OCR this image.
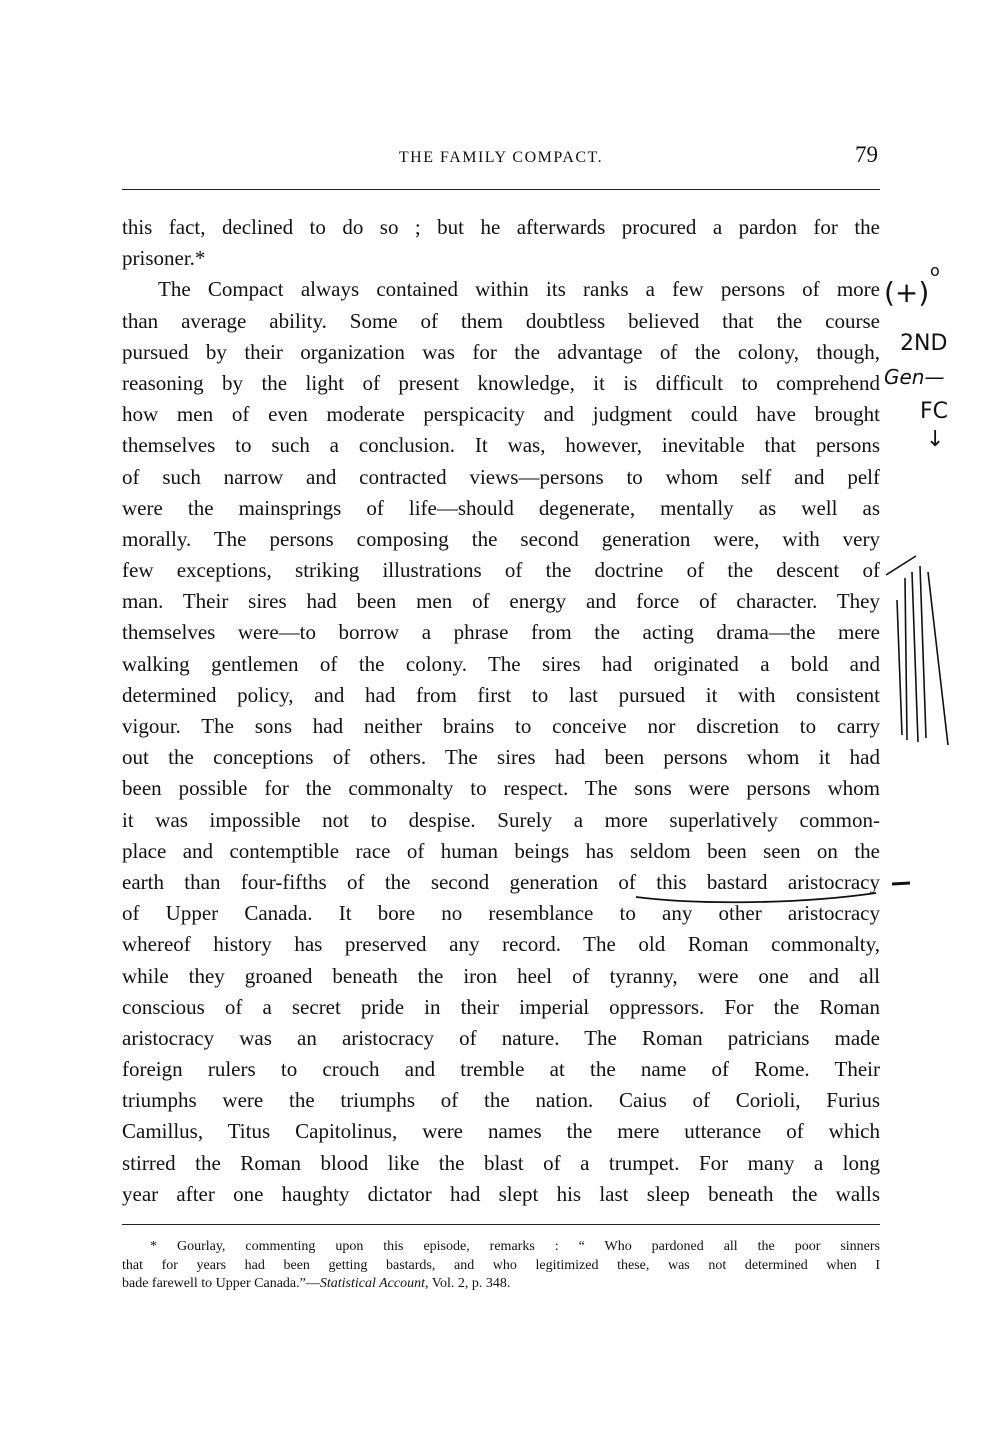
THE FAMILY COMPACT.	79
this fact, declined to do so ; but he afterwards procured a pardon for the
prisoner.*
The Compact always contained within its ranks a few persons of more
than average ability. Some of them doubtless believed that the course
pursued by their organization was for the advantage of the colony, though,
reasoning by the light of present knowledge, it is difficult to comprehend
how men of even moderate perspicacity and judgment could have brought
themselves to such a conclusion. It was, however, inevitable that persons
of such narrow and contracted views—persons to whom self and pelf
were the mainsprings of life—should degenerate, mentally as well as
morally. The persons composing the second generation were, with very
few exceptions, striking illustrations of the doctrine of the descent of
man. Their sires had been men of energy and force of character. They
themselves were—to borrow a phrase from the acting drama—the mere
walking gentlemen of the colony. The sires had originated a bold and
determined policy, and had from first to last pursued it with consistent
vigour. The sons had neither brains to conceive nor discretion to carry
out the conceptions of others. The sires had been persons whom it had
been possible for the commonalty to respect. The sons were persons whom
it was impossible not to despise. Surely a more superlatively common-
place and contemptible race of human beings has seldom been seen on the
earth than four-fifths of the second generation of this bastard aristocracy
of Upper Canada. It bore no resemblance to any other aristocracy
whereof history has preserved any record. The old Roman commonalty,
while they groaned beneath the iron heel of tyranny, were one and all
conscious of a secret pride in their imperial oppressors. For the Roman
aristocracy was an aristocracy of nature. The Roman patricians made
foreign rulers to crouch and tremble at the name of Rome. Their
triumphs were the triumphs of the nation. Caius of Corioli, Furius
Camillus, Titus Capitolinus, were names the mere utterance of which
stirred the Roman blood like the blast of a trumpet. For many a long
year after one haughty dictator had slept his last sleep beneath the walls
* Gourlay, commenting upon this episode, remarks : “ Who pardoned all the poor sinners
that for years had been getting bastards, and who legitimized these, was not determined when I
bade farewell to Upper Canada.”—Statistical Account, Vol. 2, p. 348.
(+)
o
2ND
Gen—
FC
↓
